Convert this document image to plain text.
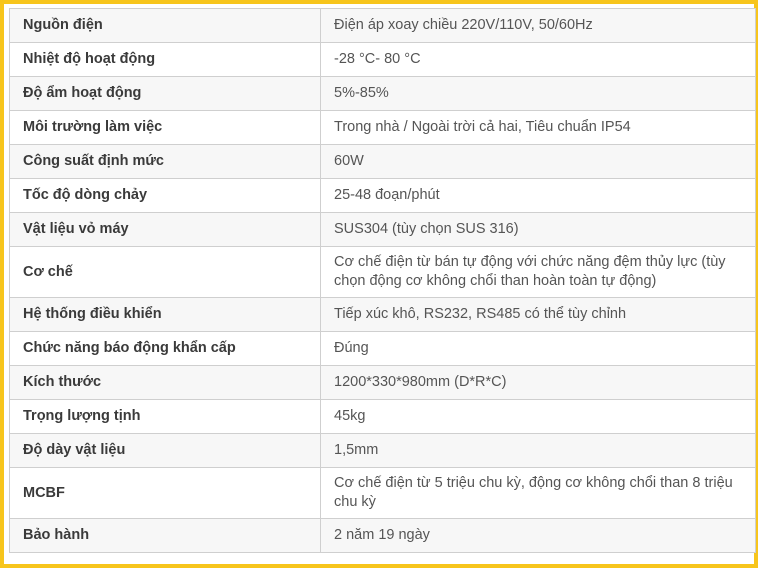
Nguồn điện	Điện áp xoay chiều 220V/110V, 50/60Hz
Nhiệt độ hoạt động	-28 °C- 80 °C
Độ ẩm hoạt động	5%-85%
Môi trường làm việc	Trong nhà / Ngoài trời cả hai, Tiêu chuẩn IP54
Công suất định mức	60W
Tốc độ dòng chảy	25-48 đoạn/phút
Vật liệu vỏ máy	SUS304 (tùy chọn SUS 316)
Cơ chế	Cơ chế điện từ bán tự động với chức năng đệm thủy lực (tùy chọn động cơ không chổi than hoàn toàn tự động)
Hệ thống điều khiển	Tiếp xúc khô, RS232, RS485 có thể tùy chỉnh
Chức năng báo động khẩn cấp	Đúng
Kích thước	1200*330*980mm (D*R*C)
Trọng lượng tịnh	45kg
Độ dày vật liệu	1,5mm
MCBF	Cơ chế điện từ 5 triệu chu kỳ, động cơ không chổi than 8 triệu chu kỳ
Bảo hành	2 năm 19 ngày
